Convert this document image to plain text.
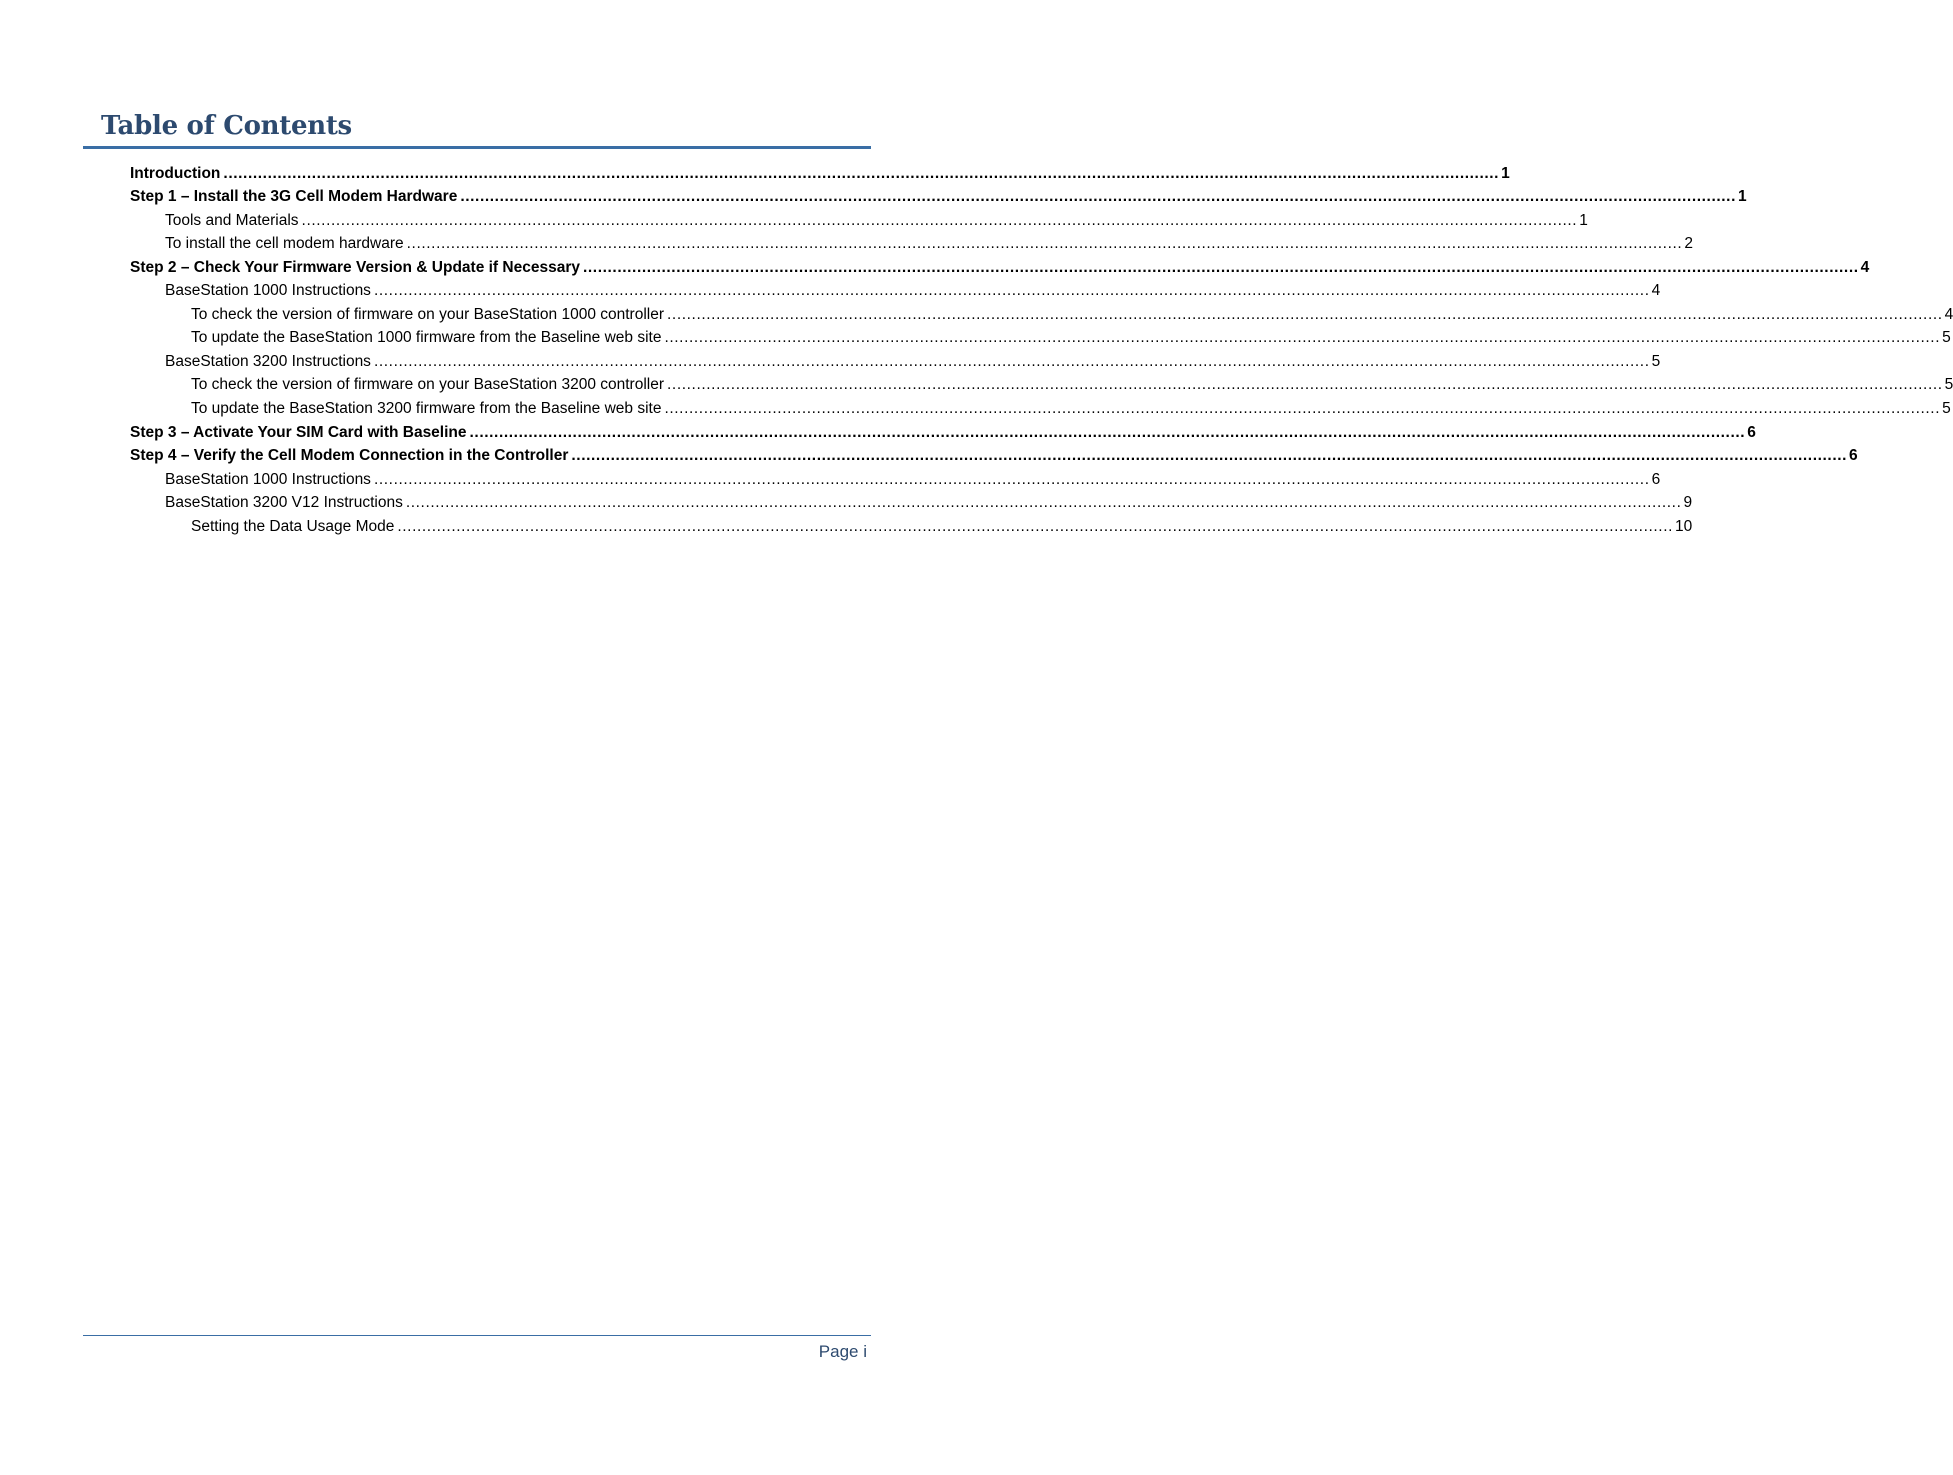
Table of Contents
Introduction .................................................................................................................................................................................................................................................................... 1
Step 1 – Install the 3G Cell Modem Hardware .................................................................................................................................................................................................................................................................... 1
Tools and Materials .................................................................................................................................................................................................................................................................... 1
To install the cell modem hardware .................................................................................................................................................................................................................................................................... 2
Step 2 – Check Your Firmware Version & Update if Necessary .................................................................................................................................................................................................................................................................... 4
BaseStation 1000 Instructions .................................................................................................................................................................................................................................................................... 4
To check the version of firmware on your BaseStation 1000 controller .................................................................................................................................................................................................................................................................... 4
To update the BaseStation 1000 firmware from the Baseline web site .................................................................................................................................................................................................................................................................... 5
BaseStation 3200 Instructions .................................................................................................................................................................................................................................................................... 5
To check the version of firmware on your BaseStation 3200 controller .................................................................................................................................................................................................................................................................... 5
To update the BaseStation 3200 firmware from the Baseline web site .................................................................................................................................................................................................................................................................... 5
Step 3 – Activate Your SIM Card with Baseline .................................................................................................................................................................................................................................................................... 6
Step 4 – Verify the Cell Modem Connection in the Controller .................................................................................................................................................................................................................................................................... 6
BaseStation 1000 Instructions .................................................................................................................................................................................................................................................................... 6
BaseStation 3200 V12 Instructions .................................................................................................................................................................................................................................................................... 9
Setting the Data Usage Mode .................................................................................................................................................................................................................................................................... 10
Page i
